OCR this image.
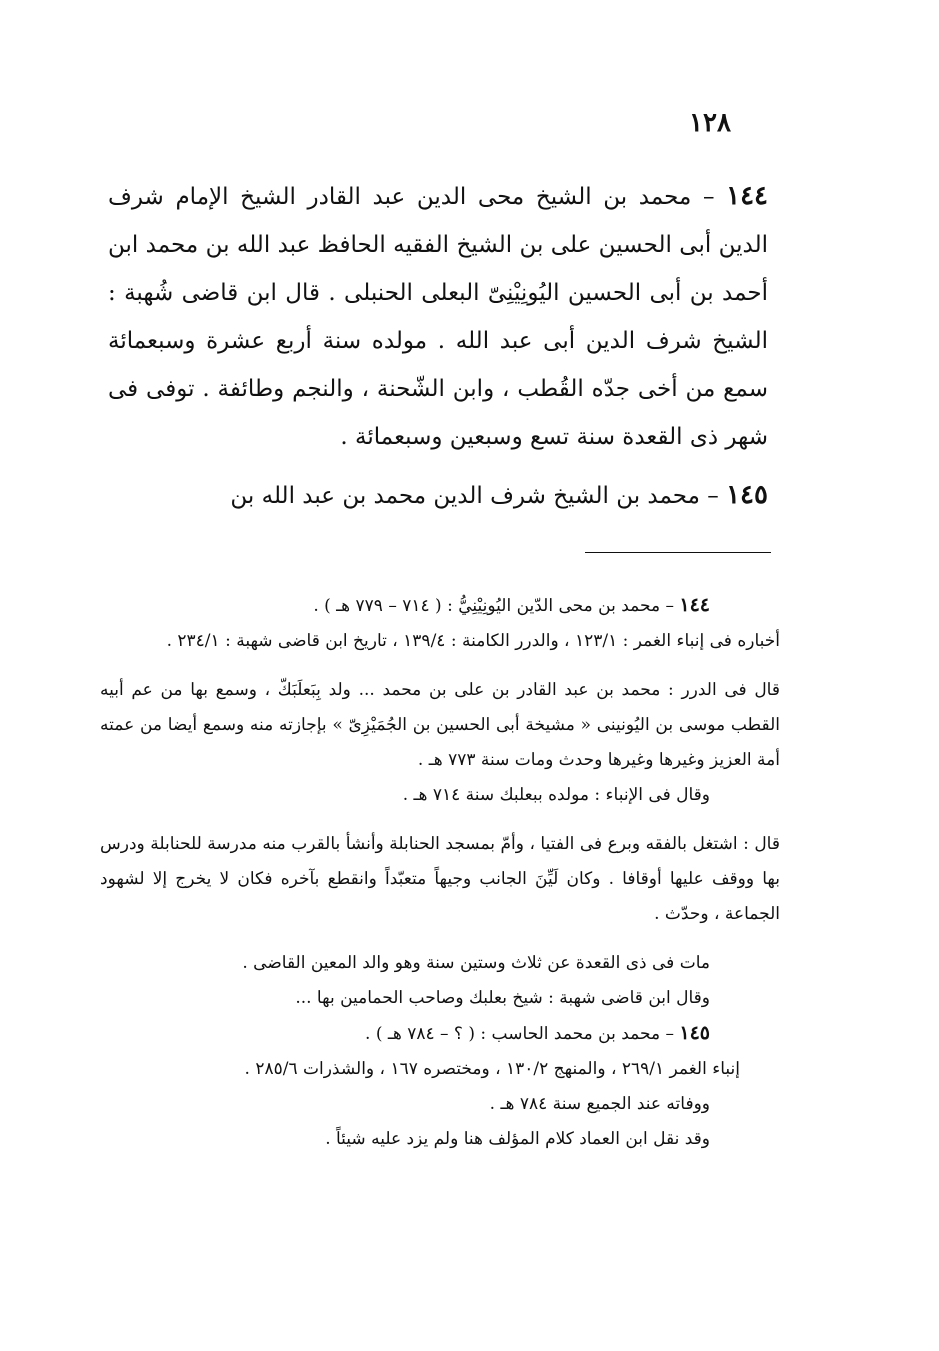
١٢٨

١٤٤ – محمد بن الشيخ محى الدين عبد القادر الشيخ الإمام شرف الدين أبى الحسين على بن الشيخ الفقيه الحافظ عبد الله بن محمد ابن أحمد بن أبى الحسين اليُونِيْنِىّ البعلى الحنبلى . قال ابن قاضى شُهبة : الشيخ شرف الدين أبى عبد الله . مولده سنة أربع عشرة وسبعمائة سمع من أخى جدّه القُطب ، وابن الشّحنة ، والنجم وطائفة . توفى فى شهر ذى القعدة سنة تسع وسبعين وسبعمائة .

١٤٥ – محمد بن الشيخ شرف الدين محمد بن عبد الله بن

١٤٤ – محمد بن محى الدّين اليُونِيْنِيُّ : ( ٧١٤ – ٧٧٩ هـ ) .

أخباره فى إنباء الغمر : ١٢٣/١ ، والدرر الكامنة : ١٣٩/٤ ، تاريخ ابن قاضى شهبة : ٢٣٤/١ .

قال فى الدرر : محمد بن عبد القادر بن على بن محمد ... ولد بِبَعلَبَكّ ، وسمع بها من عم أبيه القطب موسى بن اليُونينى « مشيخة أبى الحسين بن الجُمَيْزِىّ » بإجازته منه وسمع أيضا من عمته أمة العزيز وغيرها وغيرها وحدث ومات سنة ٧٧٣ هـ .

وقال فى الإنباء : مولده ببعلبك سنة ٧١٤ هـ .

قال : اشتغل بالفقه وبرع فى الفتيا ، وأمّ بمسجد الحنابلة وأنشأ بالقرب منه مدرسة للحنابلة ودرس بها ووقف عليها أوقافا . وكان لَيِّنَ الجانب وجيهاً متعبّداً وانقطع بآخره فكان لا يخرج إلا لشهود الجماعة ، وحدّث .

مات فى ذى القعدة عن ثلاث وستين سنة وهو والد المعين القاضى .

وقال ابن قاضى شهبة : شيخ بعلبك وصاحب الحمامين بها ...

١٤٥ – محمد بن محمد الحاسب : ( ؟ – ٧٨٤ هـ ) .

إنباء الغمر ٢٦٩/١ ، والمنهج ١٣٠/٢ ، ومختصره ١٦٧ ، والشذرات ٢٨٥/٦ .

ووفاته عند الجميع سنة ٧٨٤ هـ .

وقد نقل ابن العماد كلام المؤلف هنا ولم يزد عليه شيئاً .
